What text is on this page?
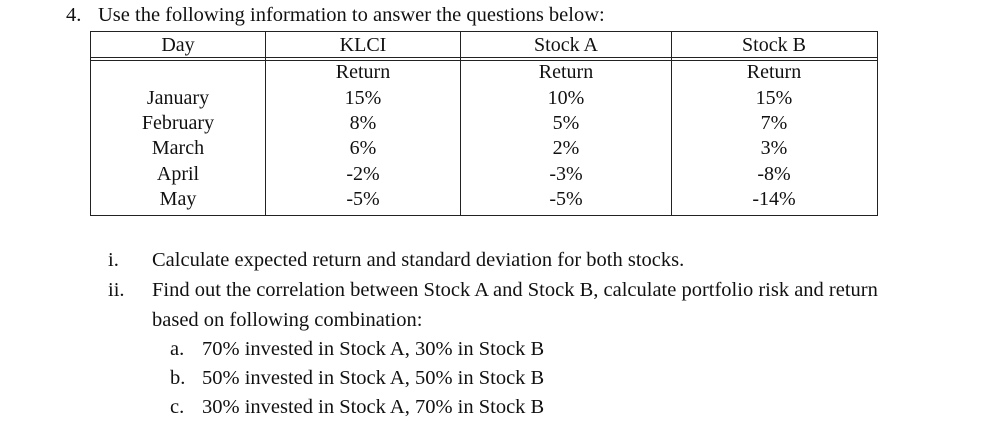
4. Use the following information to answer the questions below:
Day
January
February
March
April
May
KLCI
Return
15%
8%
6%
-2%
-5%
Stock A
Return
10%
5%
2%
-3%
-5%
Stock B
Return
15%
7%
3%
-8%
-14%
i. Calculate expected return and standard deviation for both stocks.
ii. Find out the correlation between Stock A and Stock B, calculate portfolio risk and return
based on following combination:
a. 70% invested in Stock A, 30% in Stock B
b. 50% invested in Stock A, 50% in Stock B
c. 30% invested in Stock A, 70% in Stock B
